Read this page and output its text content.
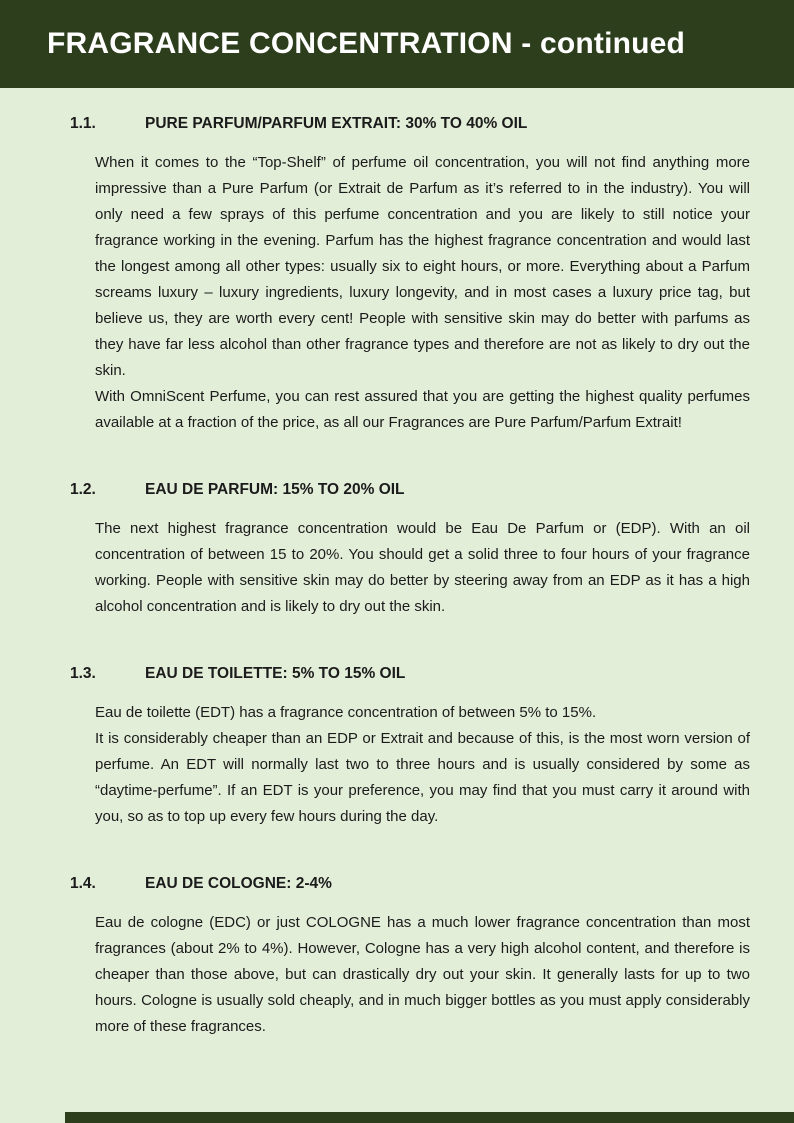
FRAGRANCE CONCENTRATION - continued
1.1.	PURE PARFUM/PARFUM EXTRAIT: 30% TO 40% OIL

When it comes to the “Top-Shelf” of perfume oil concentration, you will not find anything more impressive than a Pure Parfum (or Extrait de Parfum as it’s referred to in the industry). You will only need a few sprays of this perfume concentration and you are likely to still notice your fragrance working in the evening. Parfum has the highest fragrance concentration and would last the longest among all other types: usually six to eight hours, or more. Everything about a Parfum screams luxury – luxury ingredients, luxury longevity, and in most cases a luxury price tag, but believe us, they are worth every cent! People with sensitive skin may do better with parfums as they have far less alcohol than other fragrance types and therefore are not as likely to dry out the skin.

With OmniScent Perfume, you can rest assured that you are getting the highest quality perfumes available at a fraction of the price, as all our Fragrances are Pure Parfum/Parfum Extrait!

1.2.	EAU DE PARFUM: 15% TO 20% OIL

The next highest fragrance concentration would be Eau De Parfum or (EDP). With an oil concentration of between 15 to 20%. You should get a solid three to four hours of your fragrance working. People with sensitive skin may do better by steering away from an EDP as it has a high alcohol concentration and is likely to dry out the skin.

1.3.	EAU DE TOILETTE: 5% TO 15% OIL

Eau de toilette (EDT) has a fragrance concentration of between 5% to 15%.

It is considerably cheaper than an EDP or Extrait and because of this, is the most worn version of perfume. An EDT will normally last two to three hours and is usually considered by some as “daytime-perfume”. If an EDT is your preference, you may find that you must carry it around with you, so as to top up every few hours during the day.

1.4.	EAU DE COLOGNE: 2-4%

Eau de cologne (EDC) or just COLOGNE has a much lower fragrance concentration than most fragrances (about 2% to 4%). However, Cologne has a very high alcohol content, and therefore is cheaper than those above, but can drastically dry out your skin. It generally lasts for up to two hours. Cologne is usually sold cheaply, and in much bigger bottles as you must apply considerably more of these fragrances.
